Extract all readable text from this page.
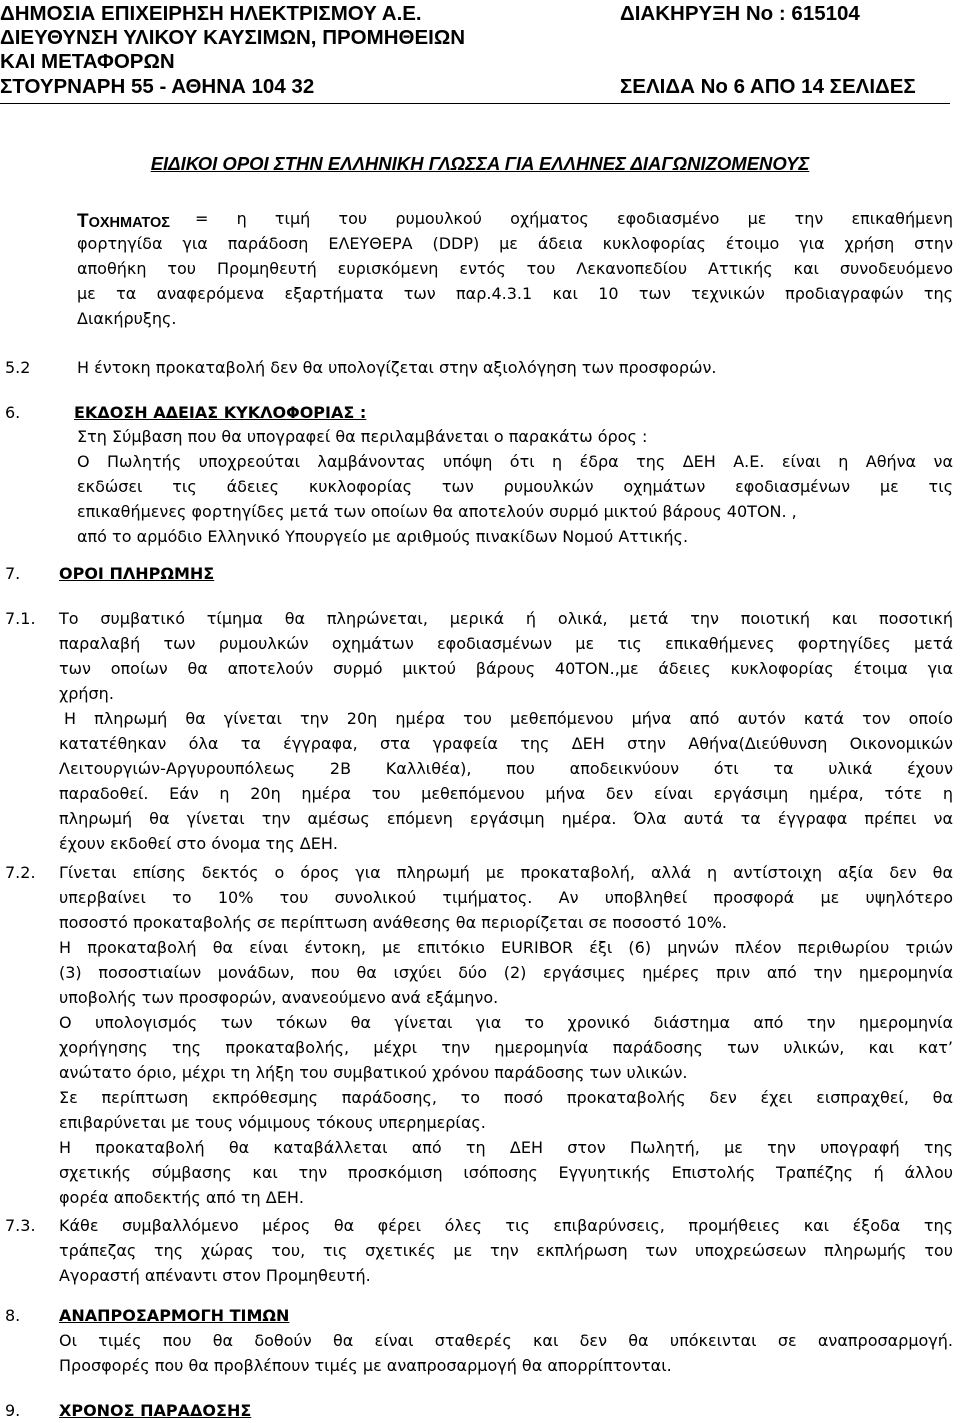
ΔΗΜΟΣΙΑ ΕΠΙΧΕΙΡΗΣΗ ΗΛΕΚΤΡΙΣΜΟΥ Α.Ε.
ΔΙΕΥΘΥΝΣΗ ΥΛΙΚΟΥ ΚΑΥΣΙΜΩΝ, ΠΡΟΜΗΘΕΙΩΝ
ΚΑΙ ΜΕΤΑΦΟΡΩΝ
ΣΤΟΥΡΝΑΡΗ 55 - ΑΘΗΝΑ 104 32
ΔΙΑΚΗΡΥΞΗ Νο : 615104
ΣΕΛΙΔΑ Νο 6 ΑΠΟ 14 ΣΕΛΙΔΕΣ
ΕΙΔΙΚΟΙ ΟΡΟΙ ΣΤΗΝ ΕΛΛΗΝΙΚΗ ΓΛΩΣΣΑ ΓΙΑ ΕΛΛΗΝΕΣ ΔΙΑΓΩΝΙΖΟΜΕΝΟΥΣ
ΤΟΧΗΜΑΤΟΣ = η τιμή του ρυμουλκού οχήματος εφοδιασμένο με την επικαθήμενη
φορτηγίδα για παράδοση ΕΛΕΥΘΕΡΑ (DDP) με άδεια κυκλοφορίας έτοιμο για χρήση στην
αποθήκη του Προμηθευτή ευρισκόμενη εντός του Λεκανοπεδίου Αττικής και συνοδευόμενο
με τα αναφερόμενα εξαρτήματα των παρ.4.3.1 και 10 των τεχνικών προδιαγραφών της
Διακήρυξης.
5.2	Η έντοκη προκαταβολή δεν θα υπολογίζεται στην αξιολόγηση των προσφορών.
6.	ΕΚΔΟΣΗ ΑΔΕΙΑΣ ΚΥΚΛΟΦΟΡΙΑΣ :
Στη Σύμβαση που θα υπογραφεί θα περιλαμβάνεται ο παρακάτω όρος :
Ο Πωλητής υποχρεούται λαμβάνοντας υπόψη ότι η έδρα της ΔΕΗ Α.Ε. είναι η Αθήνα να
εκδώσει τις άδειες κυκλοφορίας των ρυμουλκών οχημάτων εφοδιασμένων με τις
επικαθήμενες φορτηγίδες μετά των οποίων θα αποτελούν συρμό μικτού βάρους 40ΤΟΝ. ,
από το αρμόδιο Ελληνικό Υπουργείο με αριθμούς πινακίδων Νομού Αττικής.
7. ΟΡΟΙ ΠΛΗΡΩΜΗΣ
7.1. Το συμβατικό τίμημα θα πληρώνεται, μερικά ή ολικά, μετά την ποιοτική και ποσοτική
παραλαβή των ρυμουλκών οχημάτων εφοδιασμένων με τις επικαθήμενες φορτηγίδες μετά
των οποίων θα αποτελούν συρμό μικτού βάρους 40ΤΟΝ.,με άδειες κυκλοφορίας έτοιμα για
χρήση.
Η πληρωμή θα γίνεται την 20η ημέρα του μεθεπόμενου μήνα από αυτόν κατά τον οποίο
κατατέθηκαν όλα τα έγγραφα, στα γραφεία της ΔΕΗ στην Αθήνα(Διεύθυνση Οικονομικών
Λειτουργιών-Αργυρουπόλεως 2Β Καλλιθέα), που αποδεικνύουν ότι τα υλικά έχουν
παραδοθεί. Εάν η 20η ημέρα του μεθεπόμενου μήνα δεν είναι εργάσιμη ημέρα, τότε η
πληρωμή θα γίνεται την αμέσως επόμενη εργάσιμη ημέρα. Όλα αυτά τα έγγραφα πρέπει να
έχουν εκδοθεί στο όνομα της ΔΕΗ.
7.2. Γίνεται επίσης δεκτός ο όρος για πληρωμή με προκαταβολή, αλλά η αντίστοιχη αξία δεν θα
υπερβαίνει το 10% του συνολικού τιμήματος. Αν υποβληθεί προσφορά με υψηλότερο
ποσοστό προκαταβολής σε περίπτωση ανάθεσης θα περιορίζεται σε ποσοστό 10%.
Η προκαταβολή θα είναι έντοκη, με επιτόκιο EURIBOR έξι (6) μηνών πλέον περιθωρίου τριών
(3) ποσοστιαίων μονάδων, που θα ισχύει δύο (2) εργάσιμες ημέρες πριν από την ημερομηνία
υποβολής των προσφορών, ανανεούμενο ανά εξάμηνο.
Ο υπολογισμός των τόκων θα γίνεται για το χρονικό διάστημα από την ημερομηνία
χορήγησης της προκαταβολής, μέχρι την ημερομηνία παράδοσης των υλικών, και κατ’
ανώτατο όριο, μέχρι τη λήξη του συμβατικού χρόνου παράδοσης των υλικών.
Σε περίπτωση εκπρόθεσμης παράδοσης, το ποσό προκαταβολής δεν έχει εισπραχθεί, θα
επιβαρύνεται με τους νόμιμους τόκους υπερημερίας.
Η προκαταβολή θα καταβάλλεται από τη ΔΕΗ στον Πωλητή, με την υπογραφή της
σχετικής σύμβασης και την προσκόμιση ισόποσης Εγγυητικής Επιστολής Τραπέζης ή άλλου
φορέα αποδεκτής από τη ΔΕΗ.
7.3. Κάθε συμβαλλόμενο μέρος θα φέρει όλες τις επιβαρύνσεις, προμήθειες και έξοδα της
τράπεζας της χώρας του, τις σχετικές με την εκπλήρωση των υποχρεώσεων πληρωμής του
Αγοραστή απέναντι στον Προμηθευτή.
8. ΑΝΑΠΡΟΣΑΡΜΟΓΗ ΤΙΜΩΝ
Οι τιμές που θα δοθούν θα είναι σταθερές και δεν θα υπόκεινται σε αναπροσαρμογή.
Προσφορές που θα προβλέπουν τιμές με αναπροσαρμογή θα απορρίπτονται.
9. ΧΡΟΝΟΣ ΠΑΡΑΔΟΣΗΣ
